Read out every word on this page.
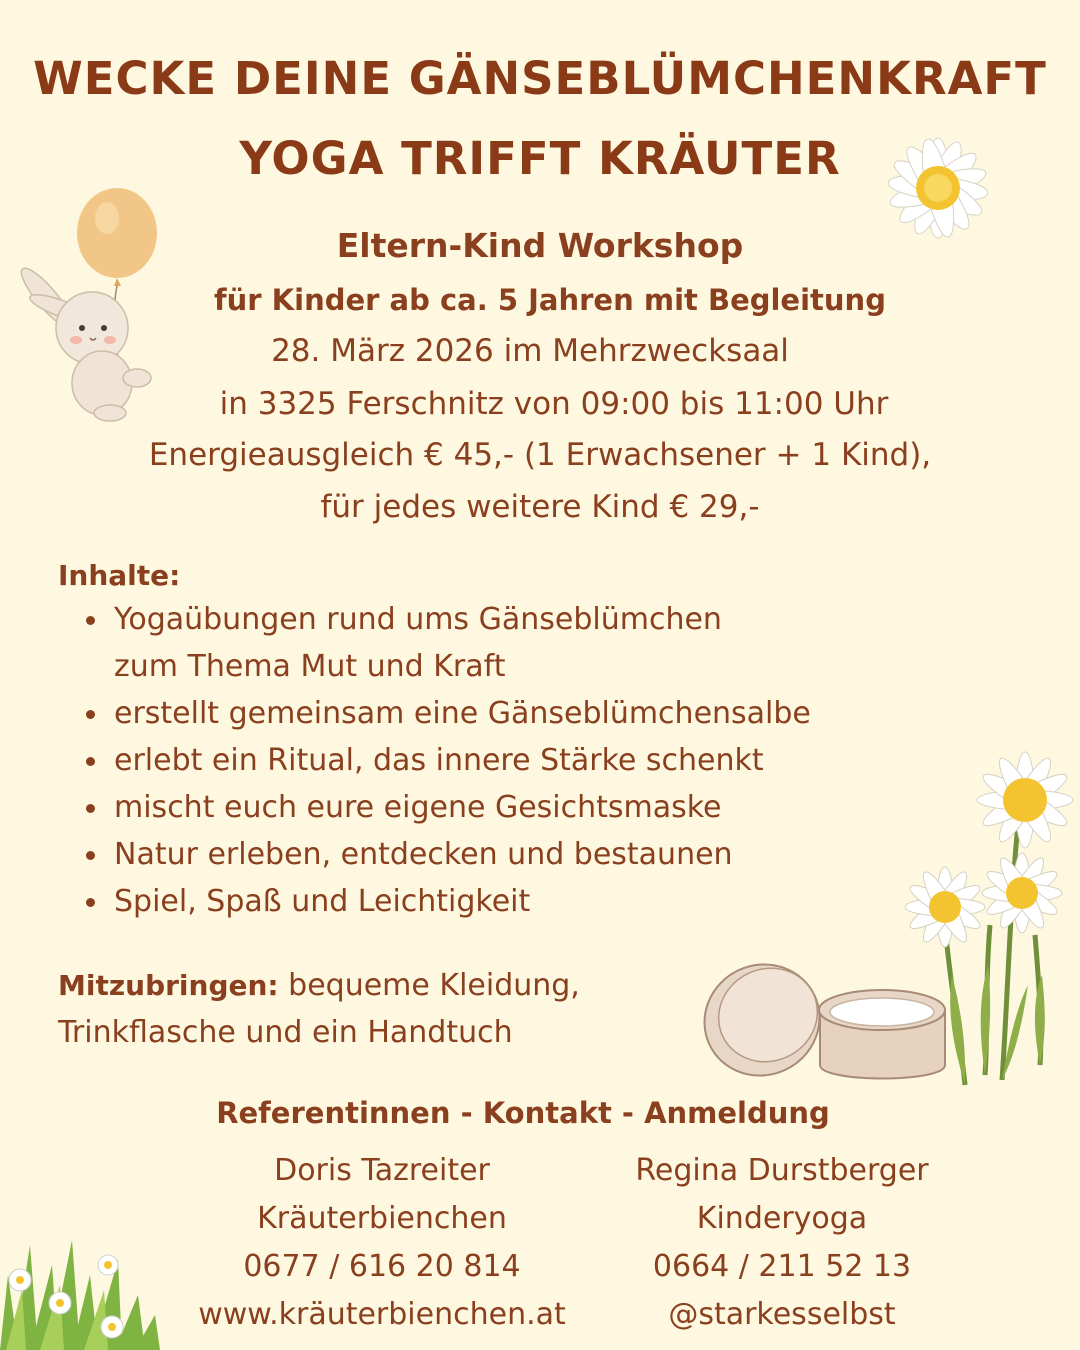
WECKE DEINE GÄNSEBLÜMCHENKRAFT
YOGA TRIFFT KRÄUTER
Eltern-Kind Workshop
für Kinder ab ca. 5 Jahren mit Begleitung
28. März 2026 im Mehrzwecksaal
in 3325 Ferschnitz von 09:00 bis 11:00 Uhr
Energieausgleich € 45,- (1 Erwachsener + 1 Kind),
für jedes weitere Kind € 29,-
Inhalte:
Yogaübungen rund ums Gänseblümchen
zum Thema Mut und Kraft
erstellt gemeinsam eine Gänseblümchensalbe
erlebt ein Ritual, das innere Stärke schenkt
mischt euch eure eigene Gesichtsmaske
Natur erleben, entdecken und bestaunen
Spiel, Spaß und Leichtigkeit
Mitzubringen: bequeme Kleidung,
Trinkflasche und ein Handtuch
Referentinnen - Kontakt - Anmeldung
Doris Tazreiter
Kräuterbienchen
0677 / 616 20 814
www.kräuterbienchen.at
Regina Durstberger
Kinderyoga
0664 / 211 52 13
@starkesselbst
